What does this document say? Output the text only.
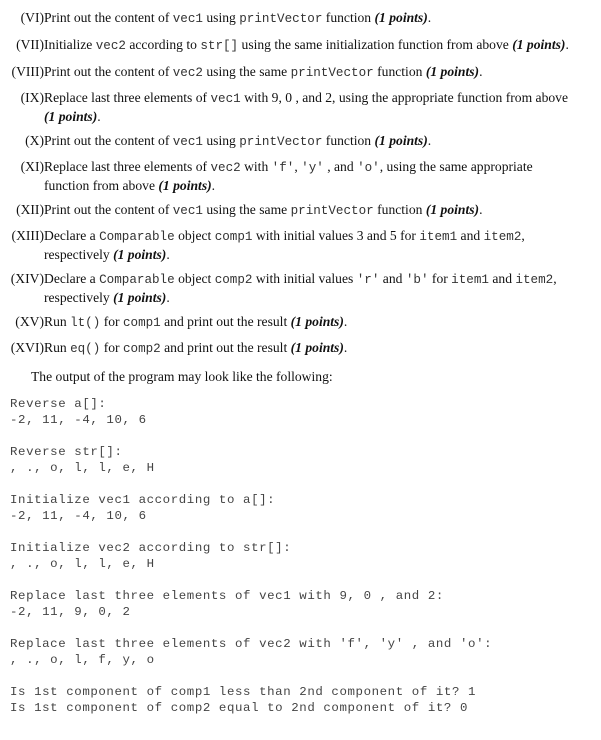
(VI) Print out the content of vec1 using printVector function (1 points).
(VII) Initialize vec2 according to str[] using the same initialization function from above (1 points).
(VIII) Print out the content of vec2 using the same printVector function (1 points).
(IX) Replace last three elements of vec1 with 9, 0 , and 2, using the appropriate function from above (1 points).
(X) Print out the content of vec1 using printVector function (1 points).
(XI) Replace last three elements of vec2 with 'f', 'y' , and 'o', using the same appropriate function from above (1 points).
(XII) Print out the content of vec1 using the same printVector function (1 points).
(XIII) Declare a Comparable object comp1 with initial values 3 and 5 for item1 and item2, respectively (1 points).
(XIV) Declare a Comparable object comp2 with initial values 'r' and 'b' for item1 and item2, respectively (1 points).
(XV) Run lt() for comp1 and print out the result (1 points).
(XVI) Run eq() for comp2 and print out the result (1 points).
The output of the program may look like the following:
Reverse a[]:
-2, 11, -4, 10, 6
Reverse str[]:
, ., o, l, l, e, H
Initialize vec1 according to a[]:
-2, 11, -4, 10, 6
Initialize vec2 according to str[]:
, ., o, l, l, e, H
Replace last three elements of vec1 with 9, 0 , and 2:
-2, 11, 9, 0, 2
Replace last three elements of vec2 with 'f', 'y' , and 'o':
, ., o, l, f, y, o
Is 1st component of comp1 less than 2nd component of it? 1
Is 1st component of comp2 equal to 2nd component of it? 0
